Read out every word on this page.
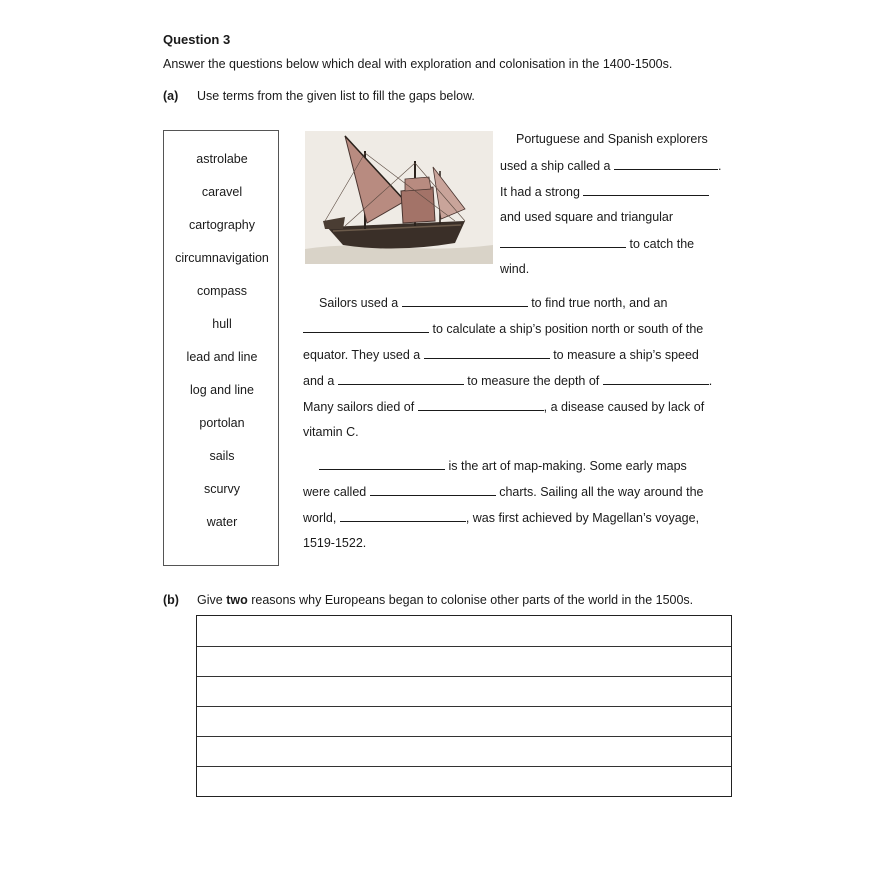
Question 3
Answer the questions below which deal with exploration and colonisation in the 1400-1500s.
(a) Use terms from the given list to fill the gaps below.
astrolabe
caravel
cartography
circumnavigation
compass
hull
lead and line
log and line
portolan
sails
scurvy
water
Portuguese and Spanish explorers
used a ship called a	.
It had a strong
and used square and triangular
to catch the
wind.
Sailors used a	to find true north, and an
to calculate a ship’s position north or south of the
equator. They used a	to measure a ship’s speed
and a	to measure the depth of	.
Many sailors died of	, a disease caused by lack of
vitamin C.
is the art of map-making. Some early maps
were called	charts. Sailing all the way around the
world,	, was first achieved by Magellan’s voyage,
1519-1522.
(b) Give two reasons why Europeans began to colonise other parts of the world in the 1500s.
